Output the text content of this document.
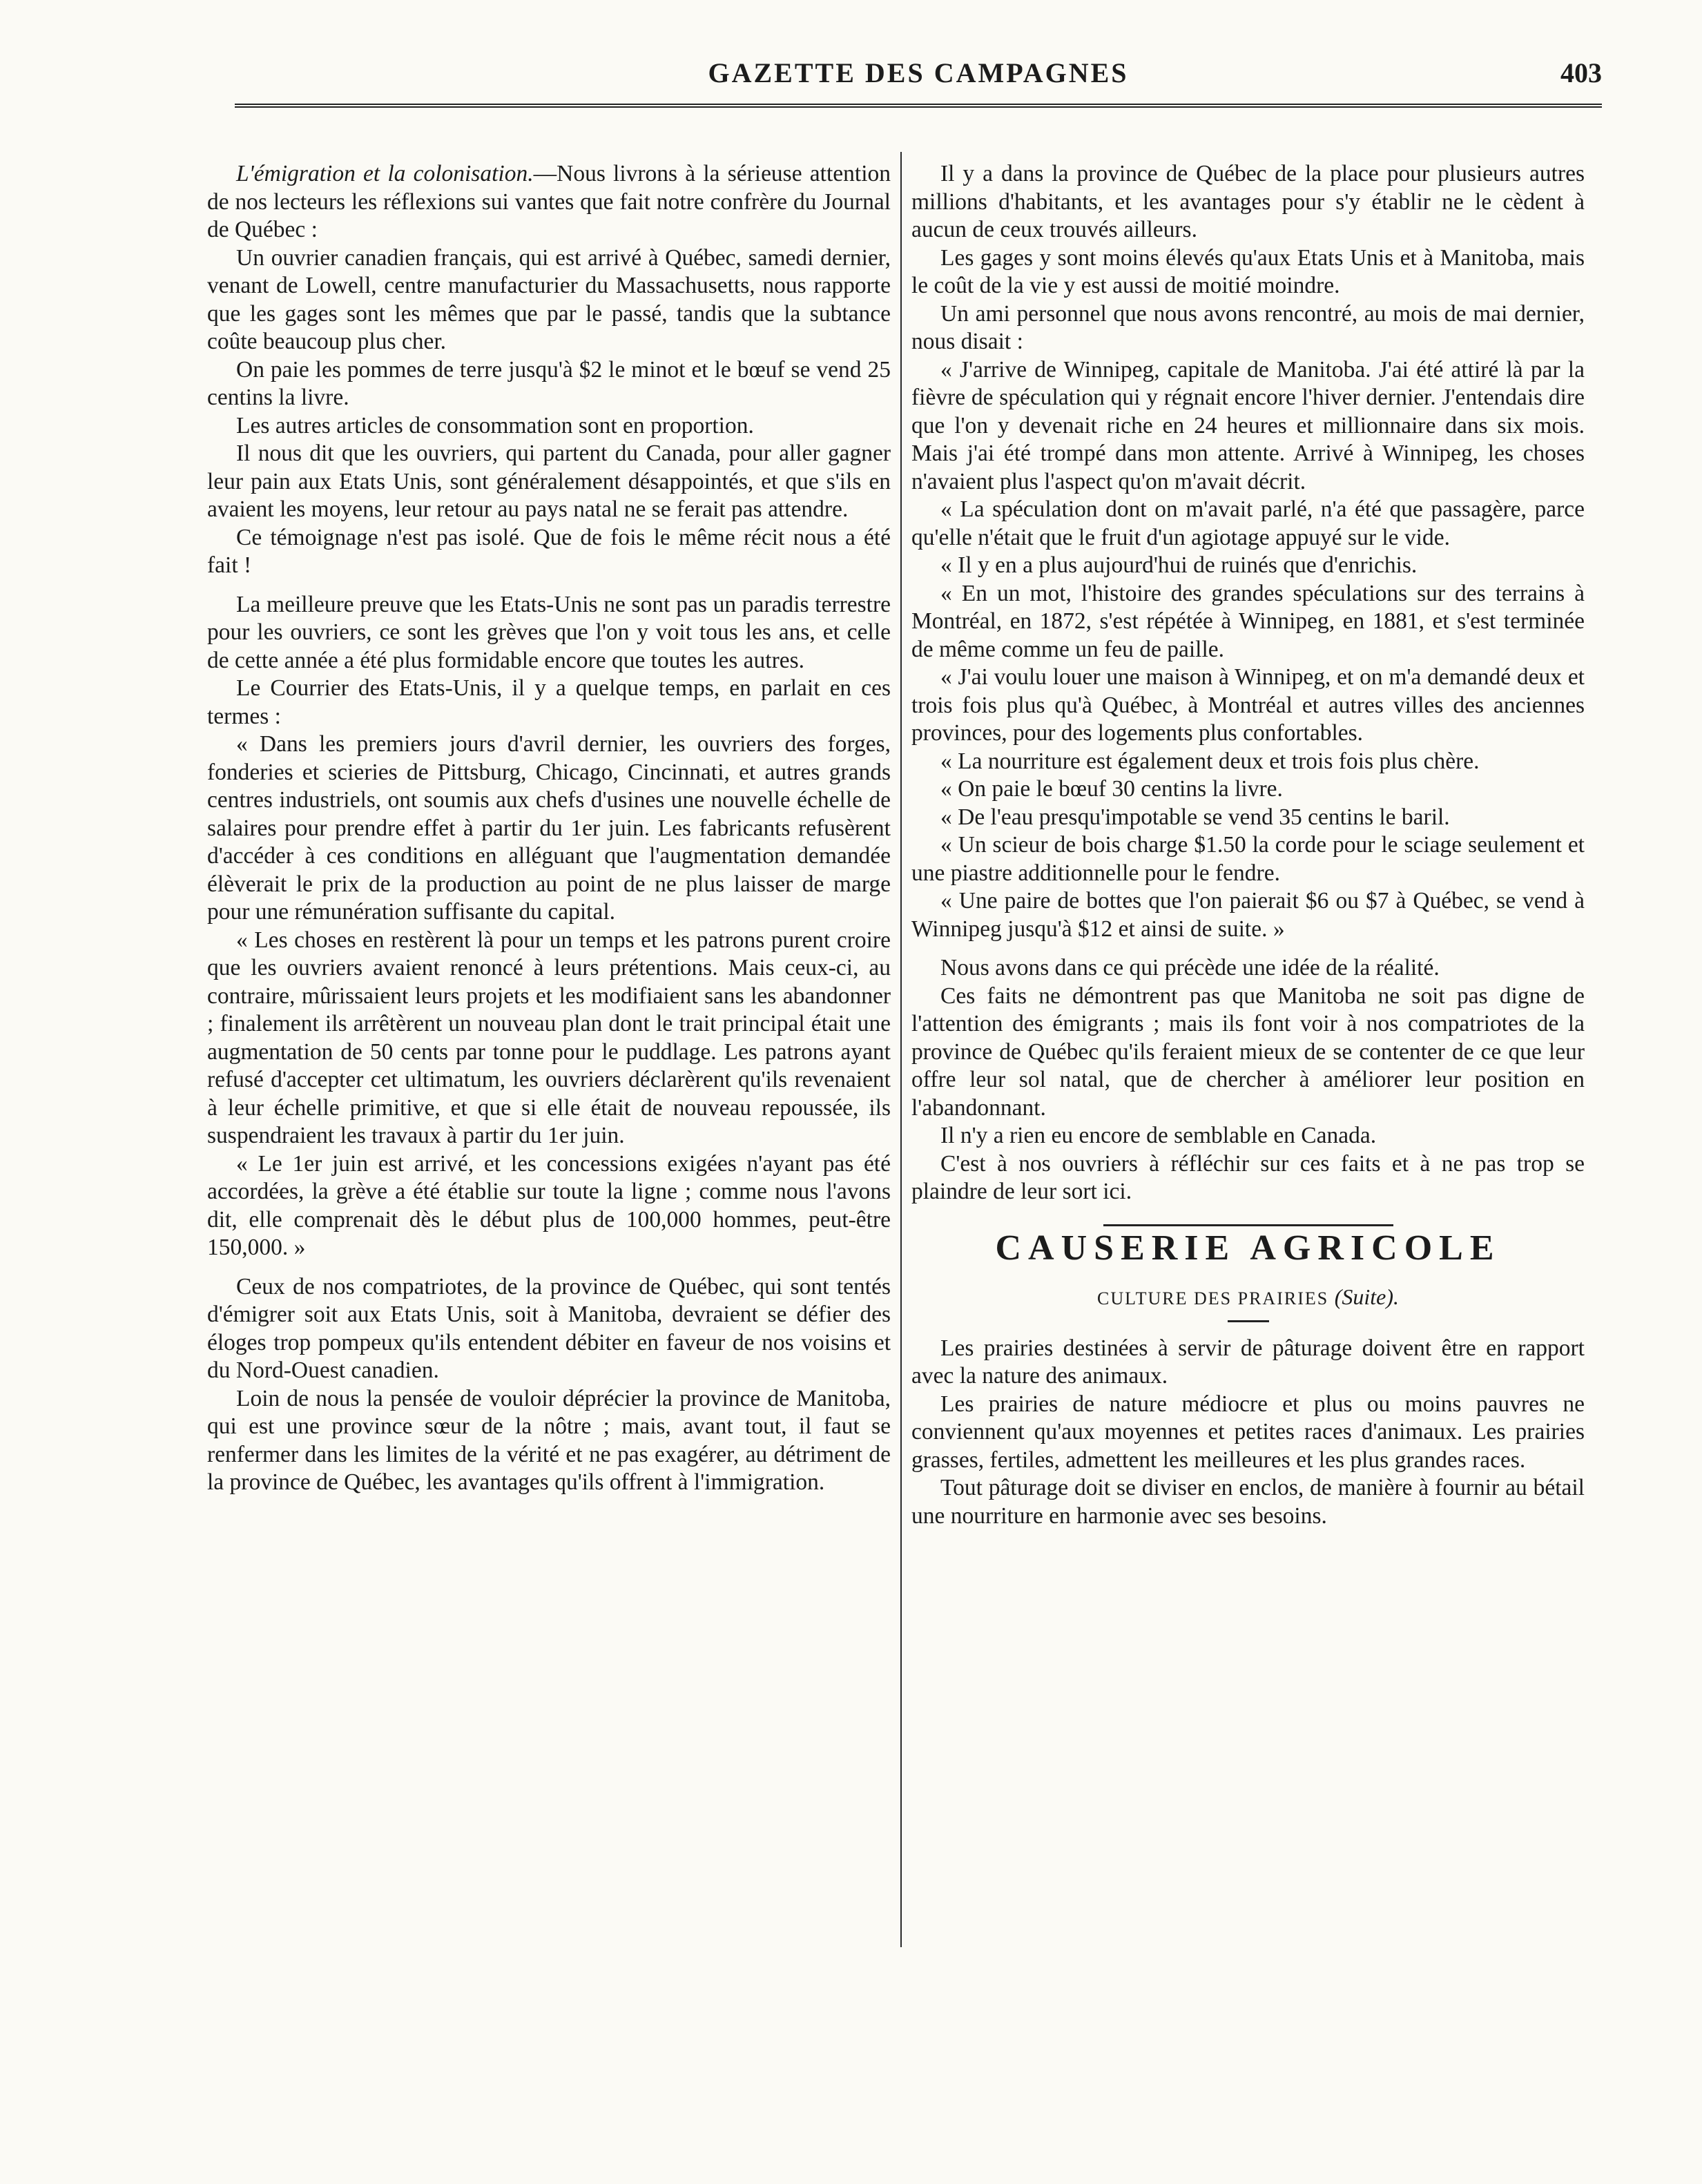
GAZETTE DES CAMPAGNES	403

L'émigration et la colonisation.—Nous livrons à la sérieuse attention de nos lecteurs les réflexions sui vantes que fait notre confrère du Journal de Québec :

Un ouvrier canadien français, qui est arrivé à Québec, samedi dernier, venant de Lowell, centre manufacturier du Massachusetts, nous rapporte que les gages sont les mêmes que par le passé, tandis que la subtance coûte beaucoup plus cher.

On paie les pommes de terre jusqu'à $2 le minot et le bœuf se vend 25 centins la livre.

Les autres articles de consommation sont en proportion.

Il nous dit que les ouvriers, qui partent du Canada, pour aller gagner leur pain aux Etats Unis, sont généralement désappointés, et que s'ils en avaient les moyens, leur retour au pays natal ne se ferait pas attendre.

Ce témoignage n'est pas isolé. Que de fois le même récit nous a été fait !

La meilleure preuve que les Etats-Unis ne sont pas un paradis terrestre pour les ouvriers, ce sont les grèves que l'on y voit tous les ans, et celle de cette année a été plus formidable encore que toutes les autres.

Le Courrier des Etats-Unis, il y a quelque temps, en parlait en ces termes :

« Dans les premiers jours d'avril dernier, les ouvriers des forges, fonderies et scieries de Pittsburg, Chicago, Cincinnati, et autres grands centres industriels, ont soumis aux chefs d'usines une nouvelle échelle de salaires pour prendre effet à partir du 1er juin. Les fabricants refusèrent d'accéder à ces conditions en alléguant que l'augmentation demandée élèverait le prix de la production au point de ne plus laisser de marge pour une rémunération suffisante du capital.

« Les choses en restèrent là pour un temps et les patrons purent croire que les ouvriers avaient renoncé à leurs prétentions. Mais ceux-ci, au contraire, mûrissaient leurs projets et les modifiaient sans les abandonner ; finalement ils arrêtèrent un nouveau plan dont le trait principal était une augmentation de 50 cents par tonne pour le puddlage. Les patrons ayant refusé d'accepter cet ultimatum, les ouvriers déclarèrent qu'ils revenaient à leur échelle primitive, et que si elle était de nouveau repoussée, ils suspendraient les travaux à partir du 1er juin.

« Le 1er juin est arrivé, et les concessions exigées n'ayant pas été accordées, la grève a été établie sur toute la ligne ; comme nous l'avons dit, elle comprenait dès le début plus de 100,000 hommes, peut-être 150,000. »

Ceux de nos compatriotes, de la province de Québec, qui sont tentés d'émigrer soit aux Etats Unis, soit à Manitoba, devraient se défier des éloges trop pompeux qu'ils entendent débiter en faveur de nos voisins et du Nord-Ouest canadien.

Loin de nous la pensée de vouloir déprécier la province de Manitoba, qui est une province sœur de la nôtre ; mais, avant tout, il faut se renfermer dans les limites de la vérité et ne pas exagérer, au détriment de la province de Québec, les avantages qu'ils offrent à l'immigration.

Il y a dans la province de Québec de la place pour plusieurs autres millions d'habitants, et les avantages pour s'y établir ne le cèdent à aucun de ceux trouvés ailleurs.

Les gages y sont moins élevés qu'aux Etats Unis et à Manitoba, mais le coût de la vie y est aussi de moitié moindre.

Un ami personnel que nous avons rencontré, au mois de mai dernier, nous disait :

« J'arrive de Winnipeg, capitale de Manitoba. J'ai été attiré là par la fièvre de spéculation qui y régnait encore l'hiver dernier. J'entendais dire que l'on y devenait riche en 24 heures et millionnaire dans six mois. Mais j'ai été trompé dans mon attente. Arrivé à Winnipeg, les choses n'avaient plus l'aspect qu'on m'avait décrit.

« La spéculation dont on m'avait parlé, n'a été que passagère, parce qu'elle n'était que le fruit d'un agiotage appuyé sur le vide.

« Il y en a plus aujourd'hui de ruinés que d'enrichis.

« En un mot, l'histoire des grandes spéculations sur des terrains à Montréal, en 1872, s'est répétée à Winnipeg, en 1881, et s'est terminée de même comme un feu de paille.

« J'ai voulu louer une maison à Winnipeg, et on m'a demandé deux et trois fois plus qu'à Québec, à Montréal et autres villes des anciennes provinces, pour des logements plus confortables.

« La nourriture est également deux et trois fois plus chère.

« On paie le bœuf 30 centins la livre.

« De l'eau presqu'impotable se vend 35 centins le baril.

« Un scieur de bois charge $1.50 la corde pour le sciage seulement et une piastre additionnelle pour le fendre.

« Une paire de bottes que l'on paierait $6 ou $7 à Québec, se vend à Winnipeg jusqu'à $12 et ainsi de suite. »

Nous avons dans ce qui précède une idée de la réalité.

Ces faits ne démontrent pas que Manitoba ne soit pas digne de l'attention des émigrants ; mais ils font voir à nos compatriotes de la province de Québec qu'ils feraient mieux de se contenter de ce que leur offre leur sol natal, que de chercher à améliorer leur position en l'abandonnant.

Il n'y a rien eu encore de semblable en Canada.

C'est à nos ouvriers à réfléchir sur ces faits et à ne pas trop se plaindre de leur sort ici.

CAUSERIE AGRICOLE
CULTURE DES PRAIRIES (Suite).

Les prairies destinées à servir de pâturage doivent être en rapport avec la nature des animaux.

Les prairies de nature médiocre et plus ou moins pauvres ne conviennent qu'aux moyennes et petites races d'animaux. Les prairies grasses, fertiles, admettent les meilleures et les plus grandes races.

Tout pâturage doit se diviser en enclos, de manière à fournir au bétail une nourriture en harmonie avec ses besoins.
